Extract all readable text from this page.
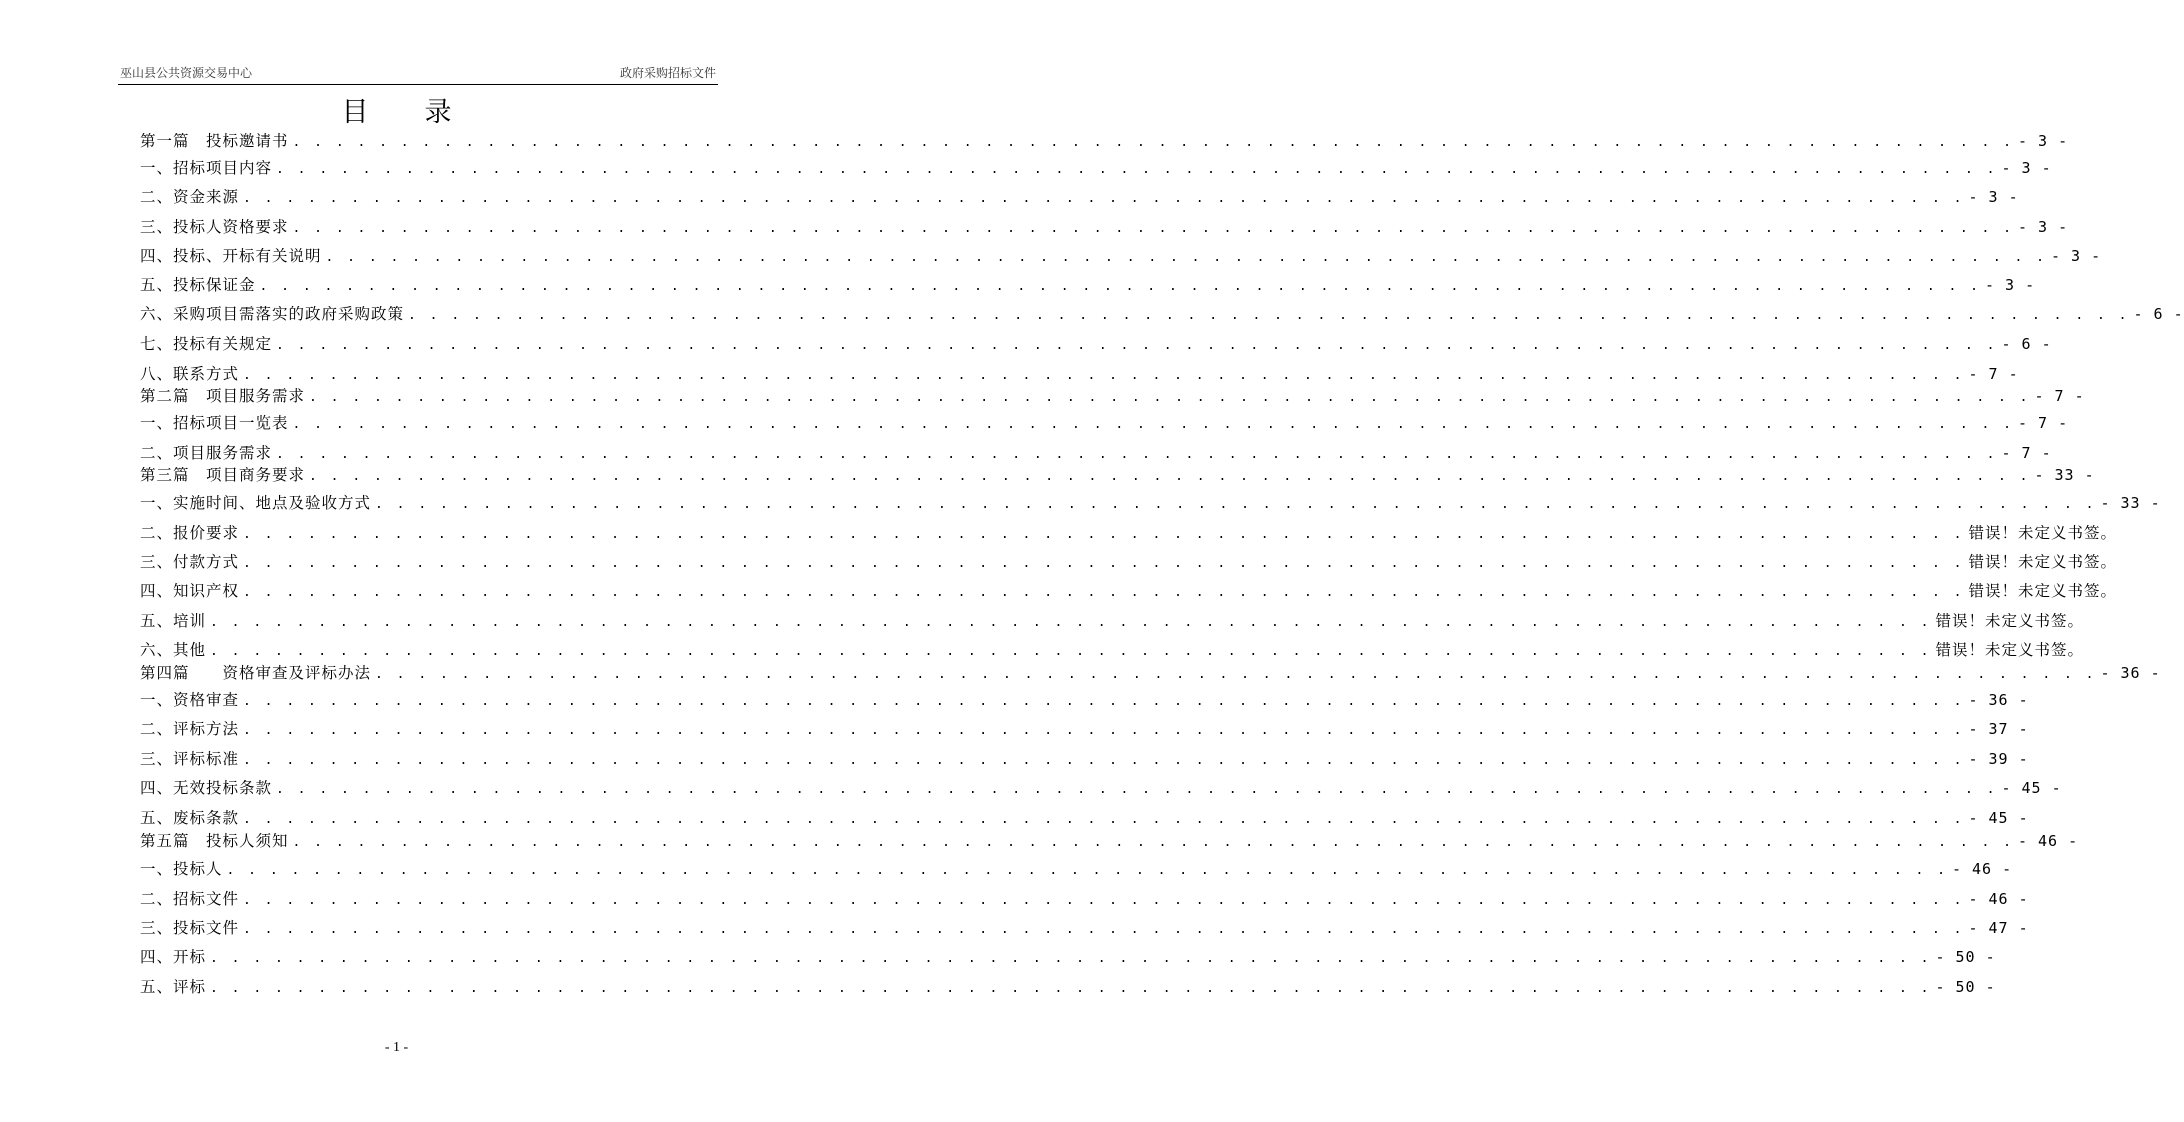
巫山县公共资源交易中心	政府采购招标文件
目录
第一篇　投标邀请书 . . . . . . . . . . . . . . . . . . . . . . . . . . . . . . . . . . . . . . . . . . . . . . . . . . . . . . . . . . . . . . . . . . . . . . . . . . . . . . . . - 3 -
一、招标项目内容 . . . . . . . . . . . . . . . . . . . . . . . . . . . . . . . . . . . . . . . . . . . . . . . . . . . . . . . . . . . . . . . . . . . . . . . . . . . . . . . . - 3 -
二、资金来源 . . . . . . . . . . . . . . . . . . . . . . . . . . . . . . . . . . . . . . . . . . . . . . . . . . . . . . . . . . . . . . . . . . . . . . . . . . . . . . . . - 3 -
三、投标人资格要求 . . . . . . . . . . . . . . . . . . . . . . . . . . . . . . . . . . . . . . . . . . . . . . . . . . . . . . . . . . . . . . . . . . . . . . . . . . . . . . . . - 3 -
四、投标、开标有关说明 . . . . . . . . . . . . . . . . . . . . . . . . . . . . . . . . . . . . . . . . . . . . . . . . . . . . . . . . . . . . . . . . . . . . . . . . . . . . . . . . - 3 -
五、投标保证金 . . . . . . . . . . . . . . . . . . . . . . . . . . . . . . . . . . . . . . . . . . . . . . . . . . . . . . . . . . . . . . . . . . . . . . . . . . . . . . . . - 3 -
六、采购项目需落实的政府采购政策 . . . . . . . . . . . . . . . . . . . . . . . . . . . . . . . . . . . . . . . . . . . . . . . . . . . . . . . . . . . . . . . . . . . . . . . . . . . . . . . . - 6 -
七、投标有关规定 . . . . . . . . . . . . . . . . . . . . . . . . . . . . . . . . . . . . . . . . . . . . . . . . . . . . . . . . . . . . . . . . . . . . . . . . . . . . . . . . - 6 -
八、联系方式 . . . . . . . . . . . . . . . . . . . . . . . . . . . . . . . . . . . . . . . . . . . . . . . . . . . . . . . . . . . . . . . . . . . . . . . . . . . . . . . . - 7 -
第二篇　项目服务需求 . . . . . . . . . . . . . . . . . . . . . . . . . . . . . . . . . . . . . . . . . . . . . . . . . . . . . . . . . . . . . . . . . . . . . . . . . . . . . . . . - 7 -
一、招标项目一览表 . . . . . . . . . . . . . . . . . . . . . . . . . . . . . . . . . . . . . . . . . . . . . . . . . . . . . . . . . . . . . . . . . . . . . . . . . . . . . . . . - 7 -
二、项目服务需求 . . . . . . . . . . . . . . . . . . . . . . . . . . . . . . . . . . . . . . . . . . . . . . . . . . . . . . . . . . . . . . . . . . . . . . . . . . . . . . . . - 7 -
第三篇　项目商务要求 . . . . . . . . . . . . . . . . . . . . . . . . . . . . . . . . . . . . . . . . . . . . . . . . . . . . . . . . . . . . . . . . . . . . . . . . . . . . . . . . - 33 -
一、实施时间、地点及验收方式 . . . . . . . . . . . . . . . . . . . . . . . . . . . . . . . . . . . . . . . . . . . . . . . . . . . . . . . . . . . . . . . . . . . . . . . . . . . . . . . . - 33 -
二、报价要求 . . . . . . . . . . . . . . . . . . . . . . . . . . . . . . . . . . . . . . . . . . . . . . . . . . . . . . . . . . . . . . . . . . . . . . . . . . . . . . . . 错误！未定义书签。
三、付款方式 . . . . . . . . . . . . . . . . . . . . . . . . . . . . . . . . . . . . . . . . . . . . . . . . . . . . . . . . . . . . . . . . . . . . . . . . . . . . . . . . 错误！未定义书签。
四、知识产权 . . . . . . . . . . . . . . . . . . . . . . . . . . . . . . . . . . . . . . . . . . . . . . . . . . . . . . . . . . . . . . . . . . . . . . . . . . . . . . . . 错误！未定义书签。
五、培训 . . . . . . . . . . . . . . . . . . . . . . . . . . . . . . . . . . . . . . . . . . . . . . . . . . . . . . . . . . . . . . . . . . . . . . . . . . . . . . . . 错误！未定义书签。
六、其他 . . . . . . . . . . . . . . . . . . . . . . . . . . . . . . . . . . . . . . . . . . . . . . . . . . . . . . . . . . . . . . . . . . . . . . . . . . . . . . . . 错误！未定义书签。
第四篇　　资格审查及评标办法 . . . . . . . . . . . . . . . . . . . . . . . . . . . . . . . . . . . . . . . . . . . . . . . . . . . . . . . . . . . . . . . . . . . . . . . . . . . . . . . . - 36 -
一、资格审查 . . . . . . . . . . . . . . . . . . . . . . . . . . . . . . . . . . . . . . . . . . . . . . . . . . . . . . . . . . . . . . . . . . . . . . . . . . . . . . . . - 36 -
二、评标方法 . . . . . . . . . . . . . . . . . . . . . . . . . . . . . . . . . . . . . . . . . . . . . . . . . . . . . . . . . . . . . . . . . . . . . . . . . . . . . . . . - 37 -
三、评标标准 . . . . . . . . . . . . . . . . . . . . . . . . . . . . . . . . . . . . . . . . . . . . . . . . . . . . . . . . . . . . . . . . . . . . . . . . . . . . . . . . - 39 -
四、无效投标条款 . . . . . . . . . . . . . . . . . . . . . . . . . . . . . . . . . . . . . . . . . . . . . . . . . . . . . . . . . . . . . . . . . . . . . . . . . . . . . . . . - 45 -
五、废标条款 . . . . . . . . . . . . . . . . . . . . . . . . . . . . . . . . . . . . . . . . . . . . . . . . . . . . . . . . . . . . . . . . . . . . . . . . . . . . . . . . - 45 -
第五篇　投标人须知 . . . . . . . . . . . . . . . . . . . . . . . . . . . . . . . . . . . . . . . . . . . . . . . . . . . . . . . . . . . . . . . . . . . . . . . . . . . . . . . . - 46 -
一、投标人 . . . . . . . . . . . . . . . . . . . . . . . . . . . . . . . . . . . . . . . . . . . . . . . . . . . . . . . . . . . . . . . . . . . . . . . . . . . . . . . . - 46 -
二、招标文件 . . . . . . . . . . . . . . . . . . . . . . . . . . . . . . . . . . . . . . . . . . . . . . . . . . . . . . . . . . . . . . . . . . . . . . . . . . . . . . . . - 46 -
三、投标文件 . . . . . . . . . . . . . . . . . . . . . . . . . . . . . . . . . . . . . . . . . . . . . . . . . . . . . . . . . . . . . . . . . . . . . . . . . . . . . . . . - 47 -
四、开标 . . . . . . . . . . . . . . . . . . . . . . . . . . . . . . . . . . . . . . . . . . . . . . . . . . . . . . . . . . . . . . . . . . . . . . . . . . . . . . . . - 50 -
五、评标 . . . . . . . . . . . . . . . . . . . . . . . . . . . . . . . . . . . . . . . . . . . . . . . . . . . . . . . . . . . . . . . . . . . . . . . . . . . . . . . . - 50 -
- 1 -
